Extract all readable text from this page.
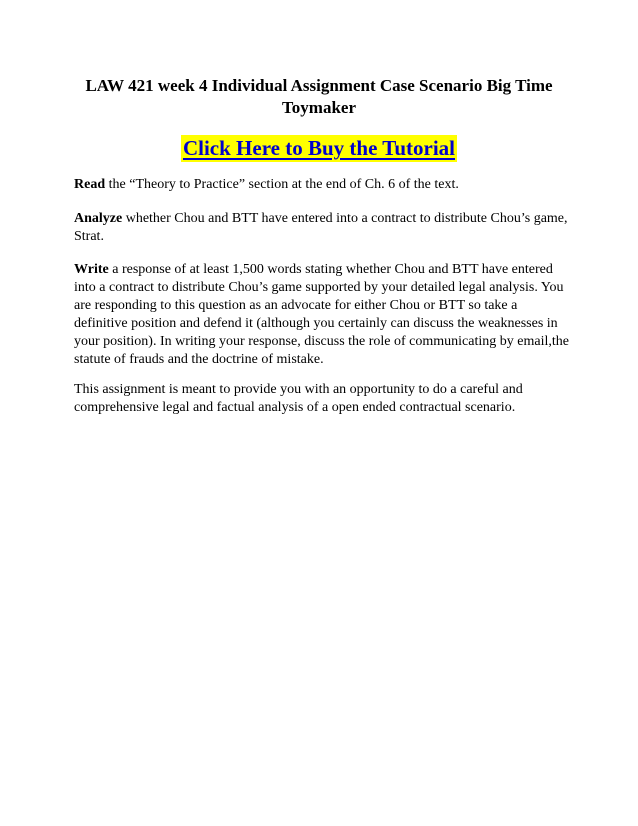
LAW 421 week 4 Individual Assignment Case Scenario Big Time Toymaker
Click Here to Buy the Tutorial

Read the “Theory to Practice” section at the end of Ch. 6 of the text.

Analyze whether Chou and BTT have entered into a contract to distribute Chou’s game, Strat.

Write a response of at least 1,500 words stating whether Chou and BTT have entered into a contract to distribute Chou’s game supported by your detailed legal analysis. You are responding to this question as an advocate for either Chou or BTT so take a definitive position and defend it (although you certainly can discuss the weaknesses in your position). In writing your response, discuss the role of communicating by email,the statute of frauds and the doctrine of mistake.

This assignment is meant to provide you with an opportunity to do a careful and comprehensive legal and factual analysis of a open ended contractual scenario.
